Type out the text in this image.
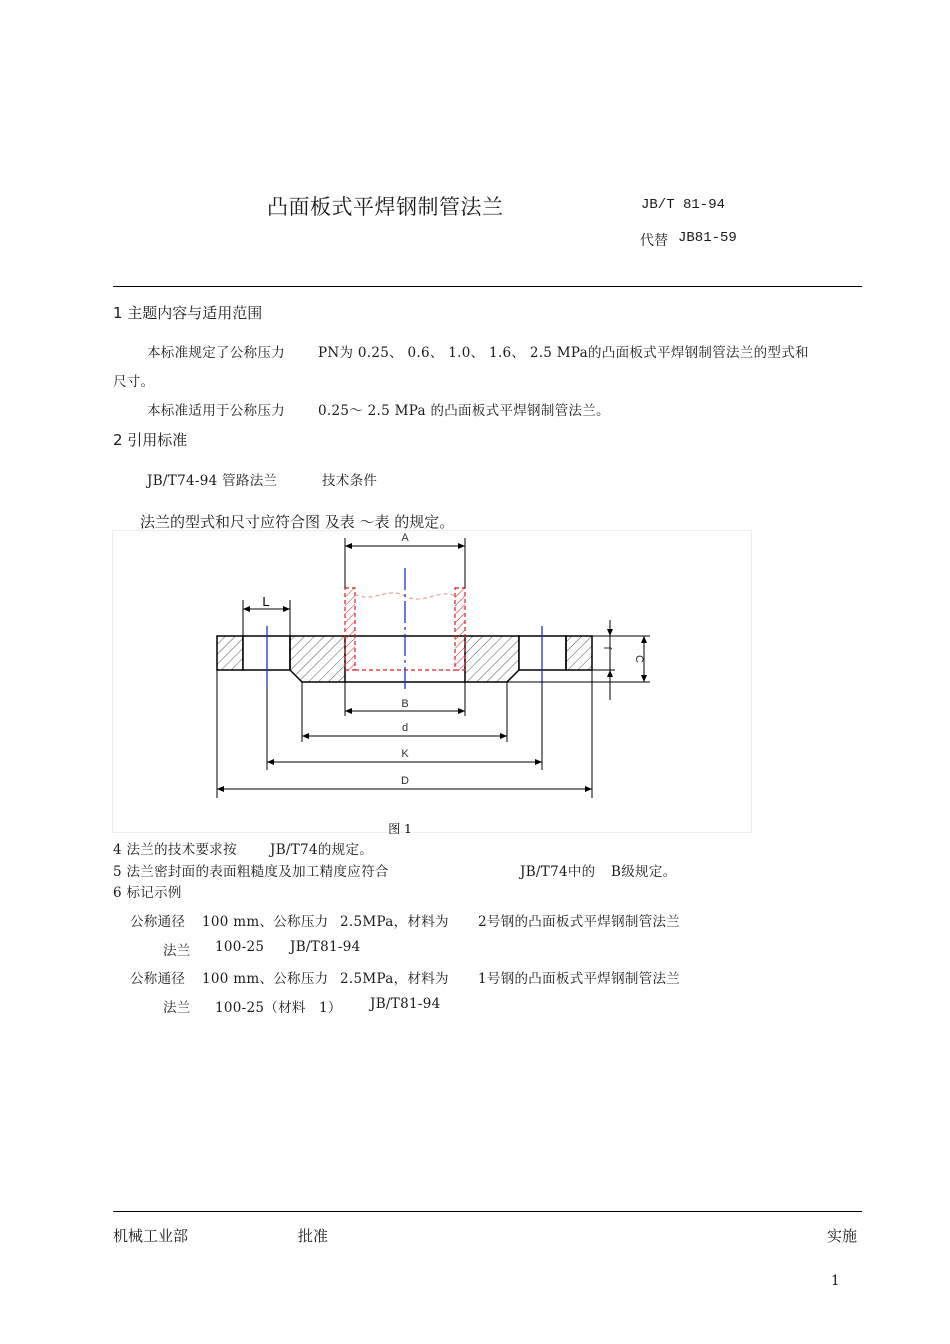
凸面板式平焊钢制管法兰	JB/T 81-94
代替 JB81-59
1 主题内容与适用范围
本标准规定了公称压力 PN为 0.25、 0.6、 1.0、 1.6、 2.5 MPa的凸面板式平焊钢制管法兰的型式和
尺寸。
本标准适用于公称压力 0.25～ 2.5 MPa 的凸面板式平焊钢制管法兰。
2 引用标准
JB/T74-94 管路法兰	技术条件
法兰的型式和尺寸应符合图 及表 ～表 的规定。
A
L
B
d
K
D
f
C
图 1
4 法兰的技术要求按 JB/T74的规定。
5 法兰密封面的表面粗糙度及加工精度应符合	JB/T74中的 B级规定。
6 标记示例
公称通径 100 mm、公称压力 2.5MPa，材料为 2号钢的凸面板式平焊钢制管法兰
法兰 100-25 JB/T81-94
公称通径 100 mm、公称压力 2.5MPa，材料为 1号钢的凸面板式平焊钢制管法兰
法兰 100-25（材料 1） JB/T81-94
机械工业部	批准	实施
1
